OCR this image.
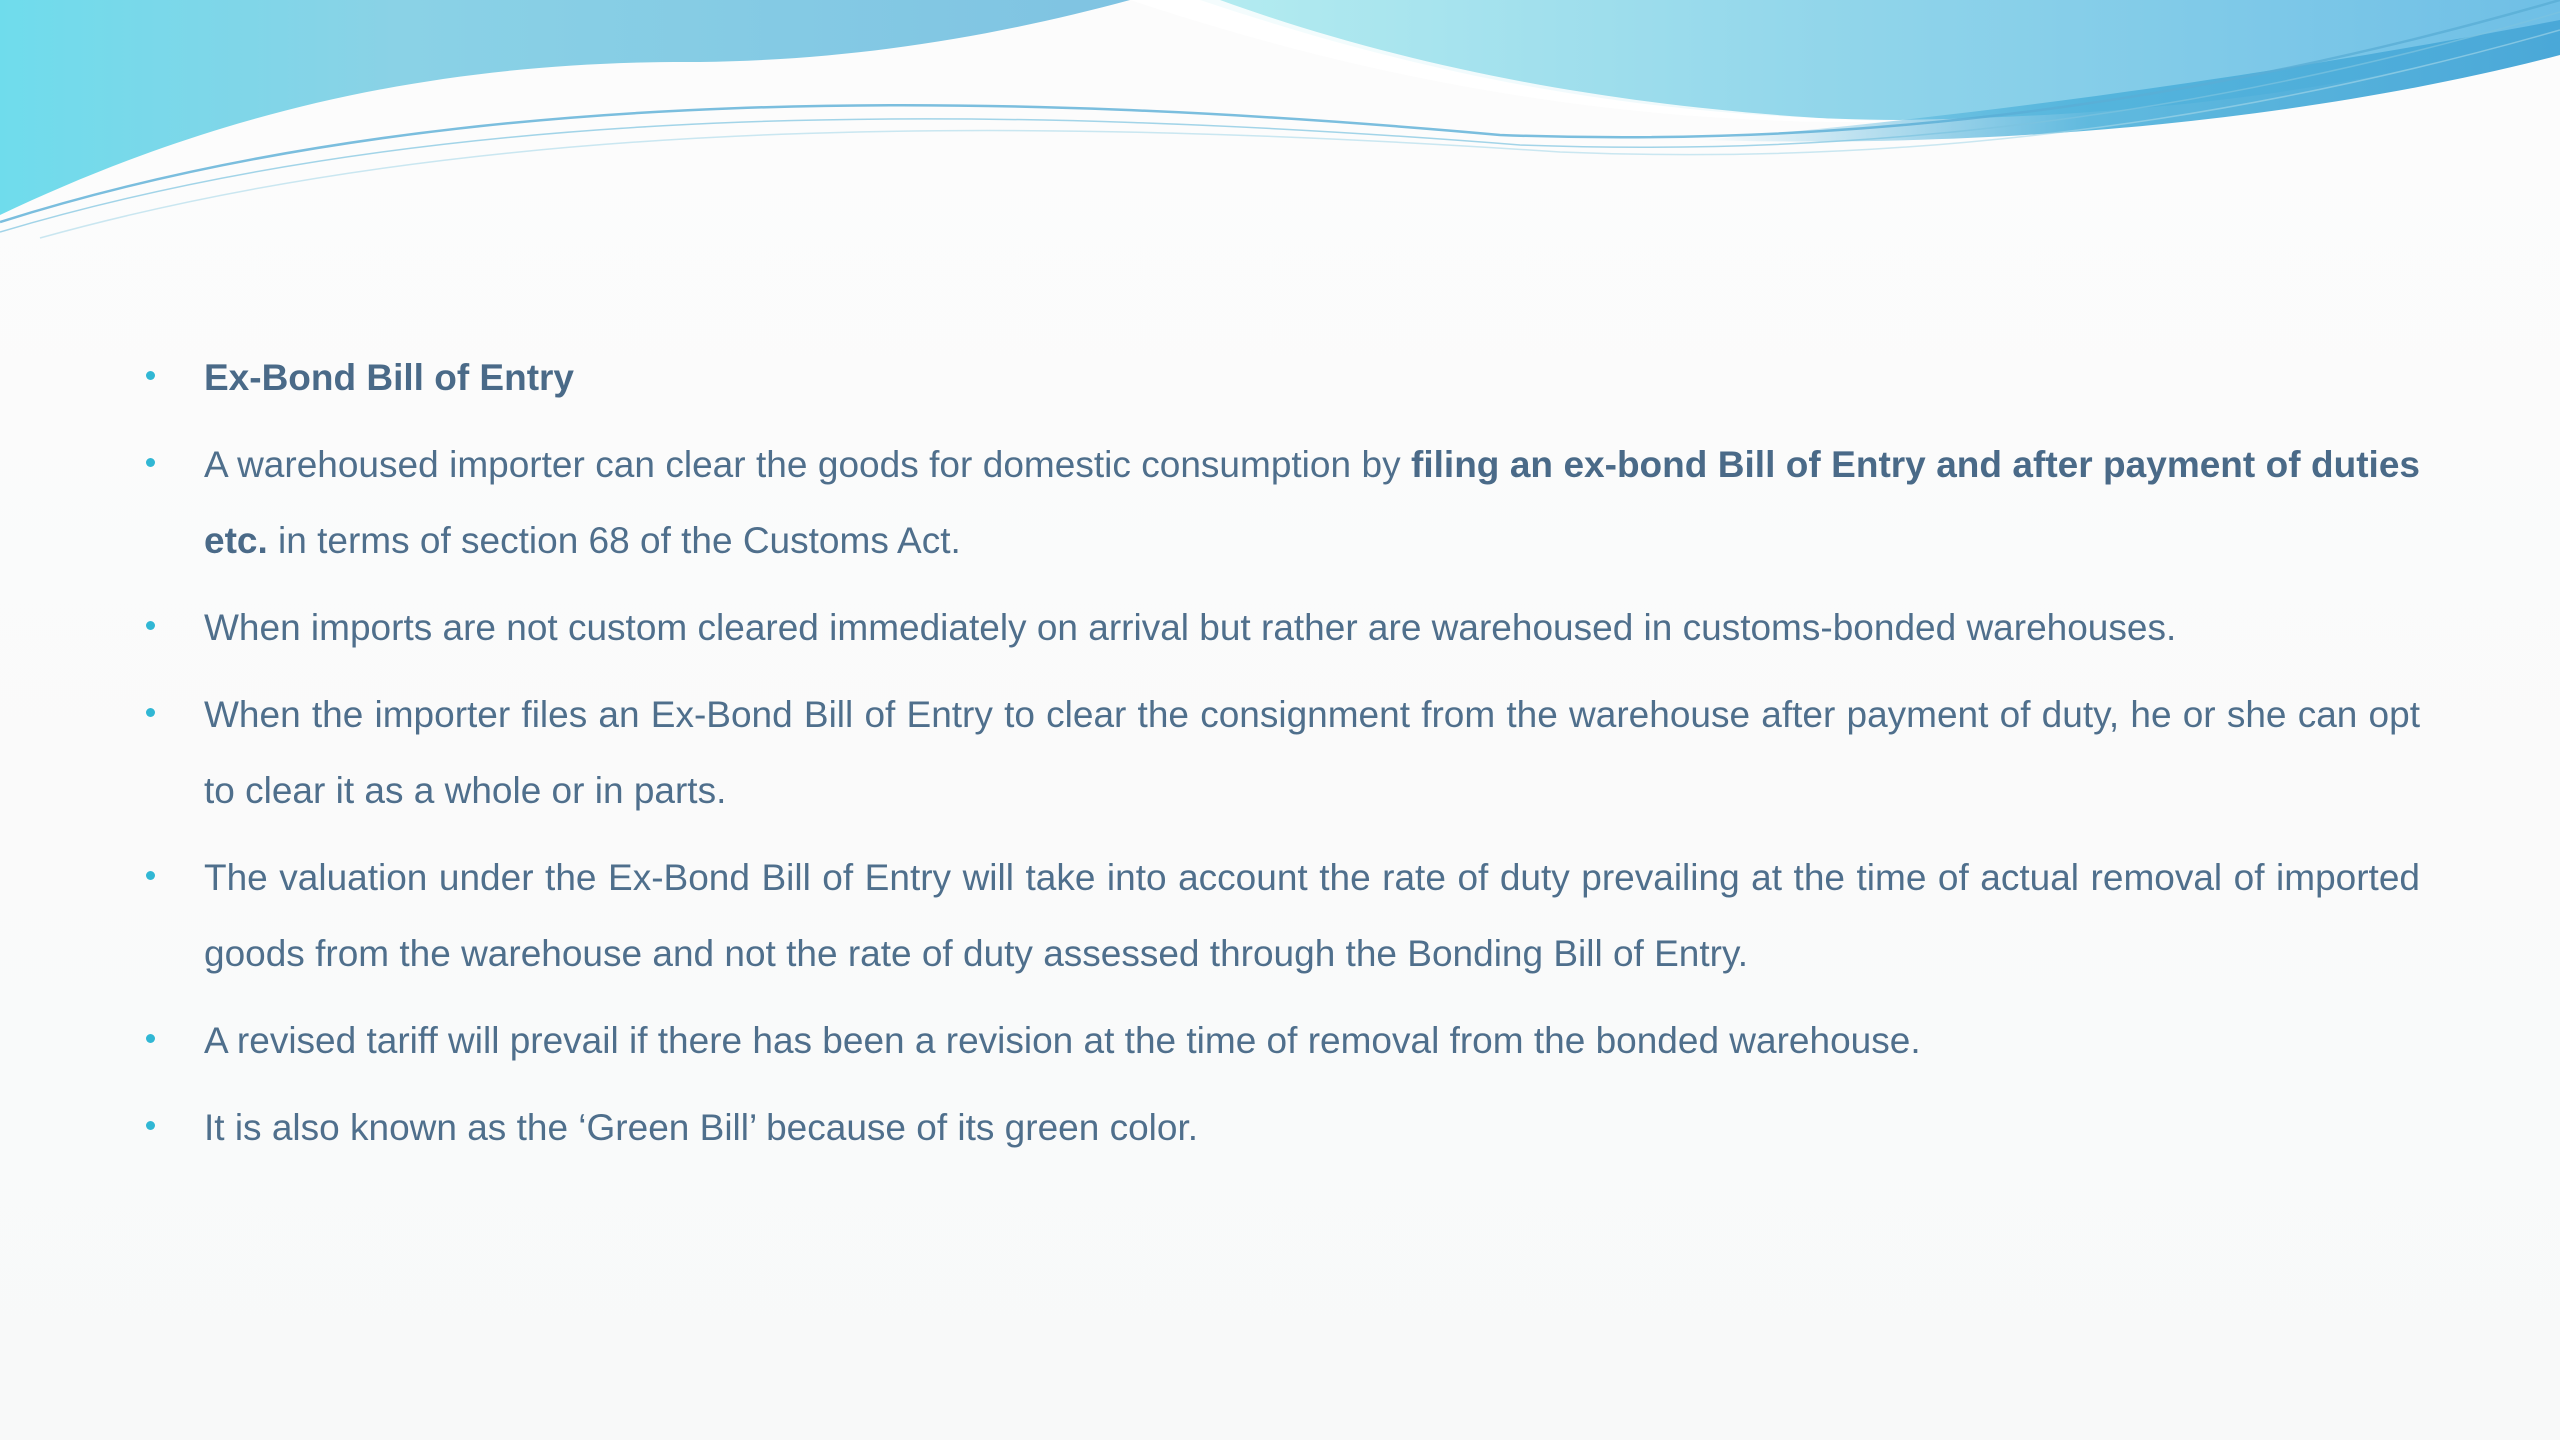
Ex-Bond Bill of Entry
A warehoused importer can clear the goods for domestic consumption by filing an ex-bond Bill of Entry and after payment of duties etc. in terms of section 68 of the Customs Act.
When imports are not custom cleared immediately on arrival but rather are warehoused in customs-bonded warehouses.
When the importer files an Ex-Bond Bill of Entry to clear the consignment from the warehouse after payment of duty, he or she can opt to clear it as a whole or in parts.
The valuation under the Ex-Bond Bill of Entry will take into account the rate of duty prevailing at the time of actual removal of imported goods from the warehouse and not the rate of duty assessed through the Bonding Bill of Entry.
A revised tariff will prevail if there has been a revision at the time of removal from the bonded warehouse.
It is also known as the ‘Green Bill’ because of its green color.
